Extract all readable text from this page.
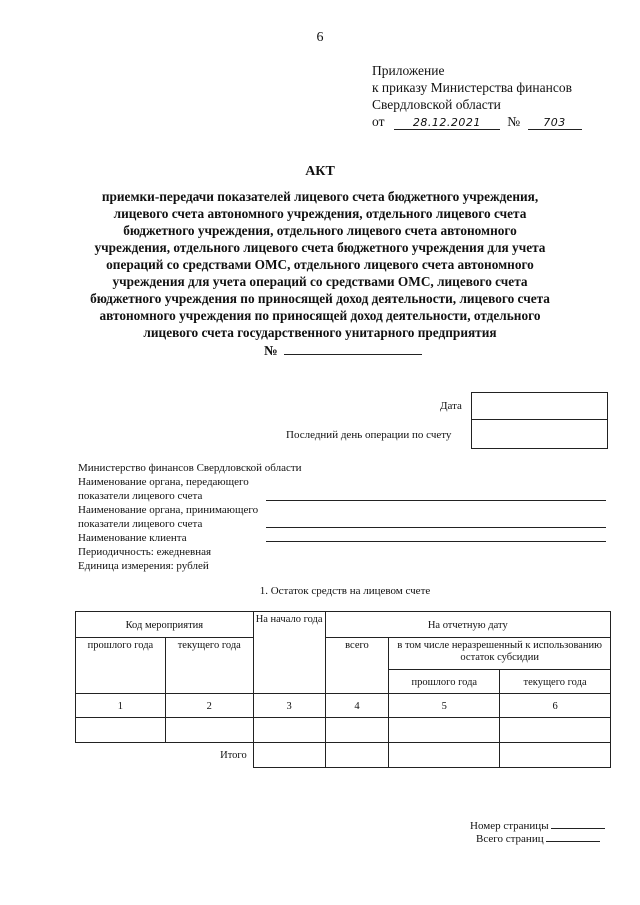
6
Приложение
к приказу Министерства финансов
Свердловской области
от	28.12.2021 № 703
АКТ
приемки-передачи показателей лицевого счета бюджетного учреждения,
лицевого счета автономного учреждения, отдельного лицевого счета
бюджетного учреждения, отдельного лицевого счета автономного
учреждения, отдельного лицевого счета бюджетного учреждения для учета
операций со средствами ОМС, отдельного лицевого счета автономного
учреждения для учета операций со средствами ОМС, лицевого счета
бюджетного учреждения по приносящей доход деятельности, лицевого счета
автономного учреждения по приносящей доход деятельности, отдельного
лицевого счета государственного унитарного предприятия
№
Дата
Последний день операции по счету
Министерство финансов Свердловской области
Наименование органа, передающего
показатели лицевого счета
Наименование органа, принимающего
показатели лицевого счета
Наименование клиента
Периодичность: ежедневная
Единица измерения: рублей
1. Остаток средств на лицевом счете
Код мероприятия		На начало года	На отчетную дату		
прошлого года	текущего года		всего	в том числе неразрешенный к использованию остаток субсидии	
				прошлого года	текущего года
1	2	3	4	5	6

Итого					
Номер страницы
Всего страниц
